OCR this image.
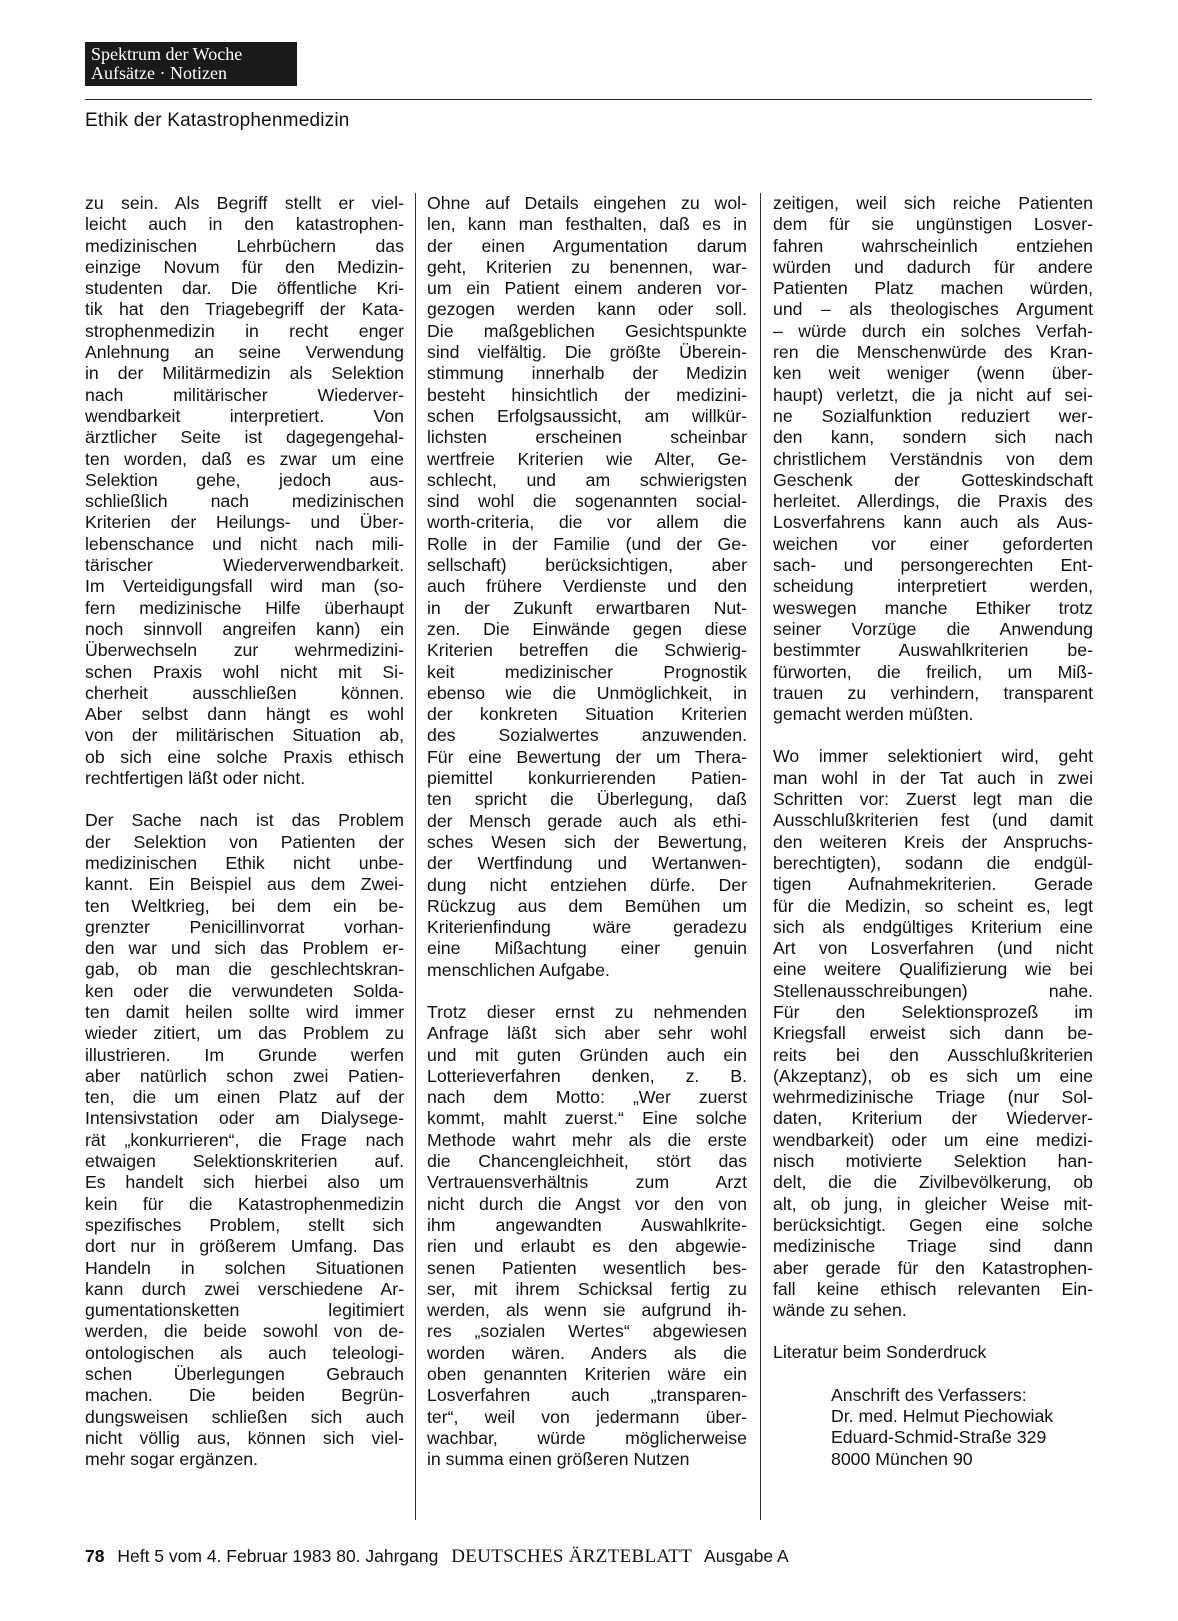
Spektrum der Woche
Aufsätze · Notizen
Ethik der Katastrophenmedizin
zu sein. Als Begriff stellt er viel-
leicht auch in den katastrophen-
medizinischen Lehrbüchern das
einzige Novum für den Medizin-
studenten dar. Die öffentliche Kri-
tik hat den Triagebegriff der Kata-
strophenmedizin in recht enger
Anlehnung an seine Verwendung
in der Militärmedizin als Selektion
nach militärischer Wiederver-
wendbarkeit interpretiert. Von
ärztlicher Seite ist dagegengehal-
ten worden, daß es zwar um eine
Selektion gehe, jedoch aus-
schließlich nach medizinischen
Kriterien der Heilungs- und Über-
lebenschance und nicht nach mili-
tärischer Wiederverwendbarkeit.
Im Verteidigungsfall wird man (so-
fern medizinische Hilfe überhaupt
noch sinnvoll angreifen kann) ein
Überwechseln zur wehrmedizini-
schen Praxis wohl nicht mit Si-
cherheit ausschließen können.
Aber selbst dann hängt es wohl
von der militärischen Situation ab,
ob sich eine solche Praxis ethisch
rechtfertigen läßt oder nicht.
Der Sache nach ist das Problem
der Selektion von Patienten der
medizinischen Ethik nicht unbe-
kannt. Ein Beispiel aus dem Zwei-
ten Weltkrieg, bei dem ein be-
grenzter Penicillinvorrat vorhan-
den war und sich das Problem er-
gab, ob man die geschlechtskran-
ken oder die verwundeten Solda-
ten damit heilen sollte wird immer
wieder zitiert, um das Problem zu
illustrieren. Im Grunde werfen
aber natürlich schon zwei Patien-
ten, die um einen Platz auf der
Intensivstation oder am Dialysege-
rät „konkurrieren“, die Frage nach
etwaigen Selektionskriterien auf.
Es handelt sich hierbei also um
kein für die Katastrophenmedizin
spezifisches Problem, stellt sich
dort nur in größerem Umfang. Das
Handeln in solchen Situationen
kann durch zwei verschiedene Ar-
gumentationsketten legitimiert
werden, die beide sowohl von de-
ontologischen als auch teleologi-
schen Überlegungen Gebrauch
machen. Die beiden Begrün-
dungsweisen schließen sich auch
nicht völlig aus, können sich viel-
mehr sogar ergänzen.
Ohne auf Details eingehen zu wol-
len, kann man festhalten, daß es in
der einen Argumentation darum
geht, Kriterien zu benennen, war-
um ein Patient einem anderen vor-
gezogen werden kann oder soll.
Die maßgeblichen Gesichtspunkte
sind vielfältig. Die größte Überein-
stimmung innerhalb der Medizin
besteht hinsichtlich der medizini-
schen Erfolgsaussicht, am willkür-
lichsten erscheinen scheinbar
wertfreie Kriterien wie Alter, Ge-
schlecht, und am schwierigsten
sind wohl die sogenannten social-
worth-criteria, die vor allem die
Rolle in der Familie (und der Ge-
sellschaft) berücksichtigen, aber
auch frühere Verdienste und den
in der Zukunft erwartbaren Nut-
zen. Die Einwände gegen diese
Kriterien betreffen die Schwierig-
keit medizinischer Prognostik
ebenso wie die Unmöglichkeit, in
der konkreten Situation Kriterien
des Sozialwertes anzuwenden.
Für eine Bewertung der um Thera-
piemittel konkurrierenden Patien-
ten spricht die Überlegung, daß
der Mensch gerade auch als ethi-
sches Wesen sich der Bewertung,
der Wertfindung und Wertanwen-
dung nicht entziehen dürfe. Der
Rückzug aus dem Bemühen um
Kriterienfindung wäre geradezu
eine Mißachtung einer genuin
menschlichen Aufgabe.
Trotz dieser ernst zu nehmenden
Anfrage läßt sich aber sehr wohl
und mit guten Gründen auch ein
Lotterieverfahren denken, z. B.
nach dem Motto: „Wer zuerst
kommt, mahlt zuerst.“ Eine solche
Methode wahrt mehr als die erste
die Chancengleichheit, stört das
Vertrauensverhältnis zum Arzt
nicht durch die Angst vor den von
ihm angewandten Auswahlkrite-
rien und erlaubt es den abgewie-
senen Patienten wesentlich bes-
ser, mit ihrem Schicksal fertig zu
werden, als wenn sie aufgrund ih-
res „sozialen Wertes“ abgewiesen
worden wären. Anders als die
oben genannten Kriterien wäre ein
Losverfahren auch „transparen-
ter“, weil von jedermann über-
wachbar, würde möglicherweise
in summa einen größeren Nutzen
zeitigen, weil sich reiche Patienten
dem für sie ungünstigen Losver-
fahren wahrscheinlich entziehen
würden und dadurch für andere
Patienten Platz machen würden,
und – als theologisches Argument
– würde durch ein solches Verfah-
ren die Menschenwürde des Kran-
ken weit weniger (wenn über-
haupt) verletzt, die ja nicht auf sei-
ne Sozialfunktion reduziert wer-
den kann, sondern sich nach
christlichem Verständnis von dem
Geschenk der Gotteskindschaft
herleitet. Allerdings, die Praxis des
Losverfahrens kann auch als Aus-
weichen vor einer geforderten
sach- und persongerechten Ent-
scheidung interpretiert werden,
weswegen manche Ethiker trotz
seiner Vorzüge die Anwendung
bestimmter Auswahlkriterien be-
fürworten, die freilich, um Miß-
trauen zu verhindern, transparent
gemacht werden müßten.
Wo immer selektioniert wird, geht
man wohl in der Tat auch in zwei
Schritten vor: Zuerst legt man die
Ausschlußkriterien fest (und damit
den weiteren Kreis der Anspruchs-
berechtigten), sodann die endgül-
tigen Aufnahmekriterien. Gerade
für die Medizin, so scheint es, legt
sich als endgültiges Kriterium eine
Art von Losverfahren (und nicht
eine weitere Qualifizierung wie bei
Stellenausschreibungen) nahe.
Für den Selektionsprozeß im
Kriegsfall erweist sich dann be-
reits bei den Ausschlußkriterien
(Akzeptanz), ob es sich um eine
wehrmedizinische Triage (nur Sol-
daten, Kriterium der Wiederver-
wendbarkeit) oder um eine medizi-
nisch motivierte Selektion han-
delt, die die Zivilbevölkerung, ob
alt, ob jung, in gleicher Weise mit-
berücksichtigt. Gegen eine solche
medizinische Triage sind dann
aber gerade für den Katastrophen-
fall keine ethisch relevanten Ein-
wände zu sehen.
Literatur beim Sonderdruck
Anschrift des Verfassers:
Dr. med. Helmut Piechowiak
Eduard-Schmid-Straße 329
8000 München 90
78 Heft 5 vom 4. Februar 1983 80. Jahrgang DEUTSCHES ÄRZTEBLATT Ausgabe A
